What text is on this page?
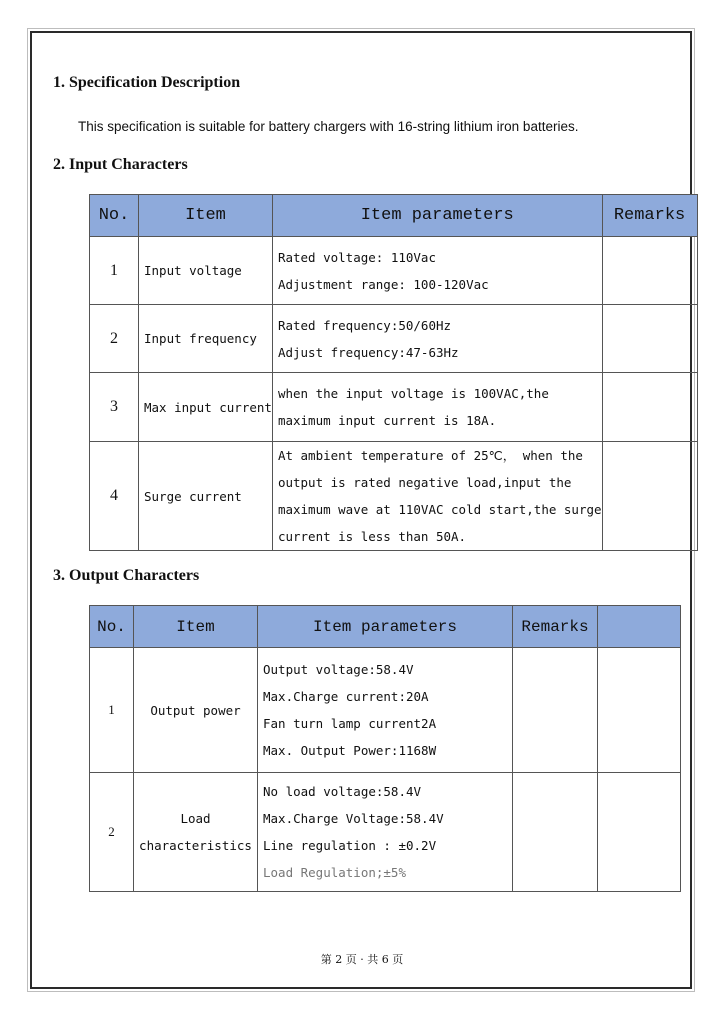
1. Specification Description
This specification is suitable for battery chargers with 16-string lithium iron batteries.
2. Input Characters
No.	Item	Item parameters	Remarks
1	Input voltage	Rated voltage: 110Vac
Adjustment range: 100-120Vac	

2	Input frequency	Rated frequency:50/60Hz
Adjust frequency:47-63Hz	

3	Max input current	when the input voltage is 100VAC,the
maximum input current is 18A.	

4	Surge current	At ambient temperature of 25℃， when the
output is rated negative load,input the
maximum wave at 110VAC cold start,the surge
current is less than 50A.	

3. Output Characters
No.	Item	Item parameters	Remarks	
1	Output power	Output voltage:58.4V
Max.Charge current:20A
Fan turn lamp current2A
Max. Output Power:1168W		

2	Load characteristics	No load voltage:58.4V
Max.Charge Voltage:58.4V
Line regulation : ±0.2V
Load Regulation;±5%		

第 2 页 · 共 6 页
